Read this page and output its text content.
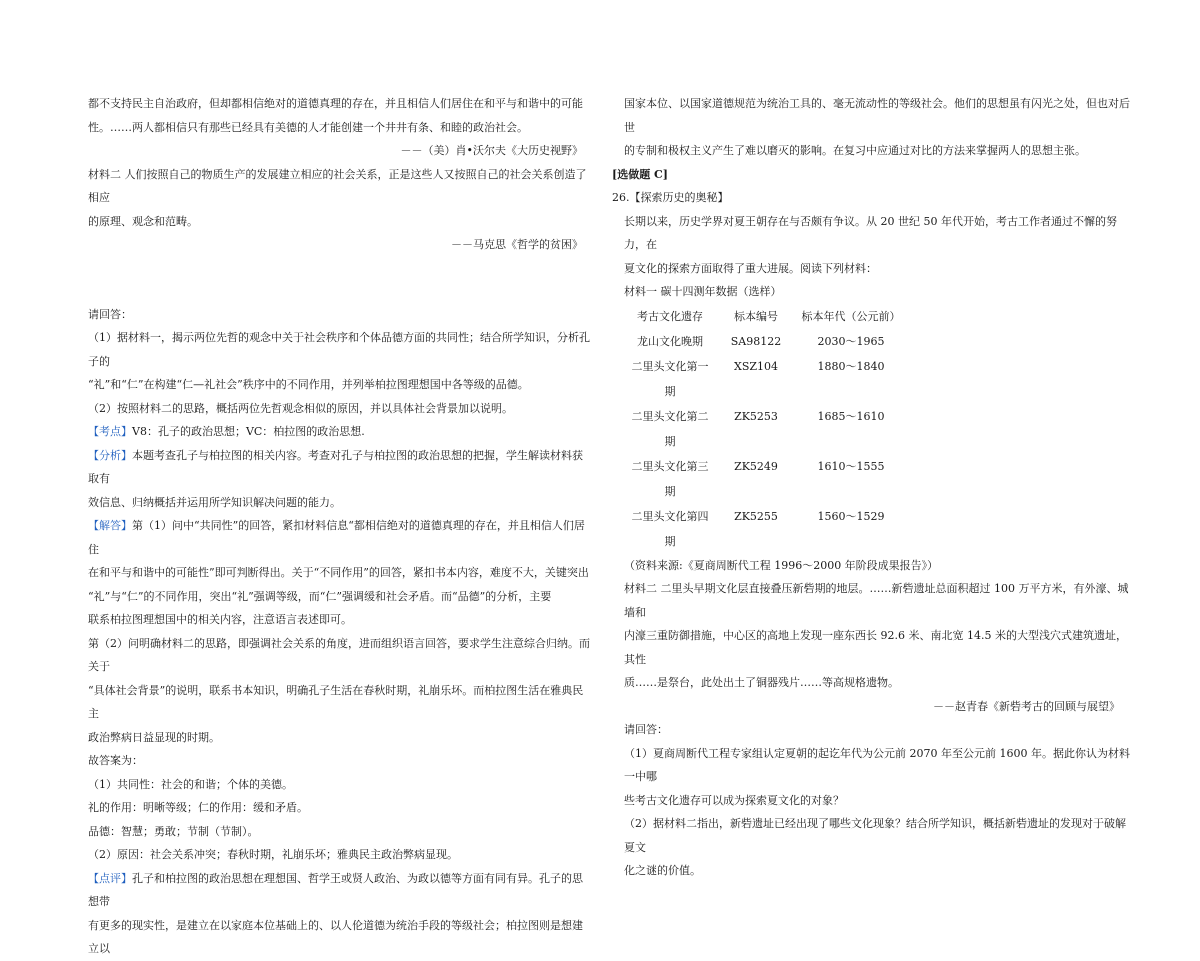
都不支持民主自治政府，但却都相信绝对的道德真理的存在，并且相信人们居住在和平与和谐中的可能

性。……两人都相信只有那些已经具有美德的人才能创建一个井井有条、和睦的政治社会。

－－（美）肖•沃尔夫《大历史视野》

材料二 人们按照自己的物质生产的发展建立相应的社会关系，正是这些人又按照自己的社会关系创造了相应

的原理、观念和范畴。

－－马克思《哲学的贫困》

请回答：

（1）据材料一，揭示两位先哲的观念中关于社会秩序和个体品德方面的共同性；结合所学知识，分析孔子的

“礼”和“仁”在构建“仁—礼社会”秩序中的不同作用，并列举柏拉图理想国中各等级的品德。

（2）按照材料二的思路，概括两位先哲观念相似的原因，并以具体社会背景加以说明。

【考点】V8：孔子的政治思想；VC：柏拉图的政治思想.

【分析】本题考查孔子与柏拉图的相关内容。考查对孔子与柏拉图的政治思想的把握，学生解读材料获取有

效信息、归纳概括并运用所学知识解决问题的能力。

【解答】第（1）问中“共同性”的回答，紧扣材料信息“都相信绝对的道德真理的存在，并且相信人们居住

在和平与和谐中的可能性”即可判断得出。关于“不同作用”的回答，紧扣书本内容，难度不大，关键突出

“礼”与“仁”的不同作用，突出“礼”强调等级，而“仁”强调缓和社会矛盾。而“品德”的分析，主要

联系柏拉图理想国中的相关内容，注意语言表述即可。

第（2）问明确材料二的思路，即强调社会关系的角度，进而组织语言回答，要求学生注意综合归纳。而关于

“具体社会背景”的说明，联系书本知识，明确孔子生活在春秋时期，礼崩乐坏。而柏拉图生活在雅典民主

政治弊病日益显现的时期。

故答案为：

（1）共同性：社会的和谐；个体的美德。

礼的作用：明晰等级；仁的作用：缓和矛盾。

品德：智慧；勇敢；节制（节制）。

（2）原因：社会关系冲突；春秋时期，礼崩乐坏；雅典民主政治弊病显现。

【点评】孔子和柏拉图的政治思想在理想国、哲学王或贤人政治、为政以德等方面有同有异。孔子的思想带

有更多的现实性，是建立在以家庭本位基础上的、以人伦道德为统治手段的等级社会；柏拉图则是想建立以

国家本位、以国家道德规范为统治工具的、毫无流动性的等级社会。他们的思想虽有闪光之处，但也对后世

的专制和极权主义产生了难以磨灭的影响。在复习中应通过对比的方法来掌握两人的思想主张。

[选做题 C]

26.【探索历史的奥秘】

长期以来，历史学界对夏王朝存在与否颇有争议。从 20 世纪 50 年代开始，考古工作者通过不懈的努力，在

夏文化的探索方面取得了重大进展。阅读下列材料：

材料一 碳十四测年数据（选样）

考古文化遗存	标本编号	标本年代（公元前）

龙山文化晚期	SA98122	2030～1965

二里头文化第一
期	XSZ104	1880～1840

二里头文化第二
期	ZK5253	1685～1610

二里头文化第三
期	ZK5249	1610～1555

二里头文化第四
期	ZK5255	1560～1529

（资料来源:《夏商周断代工程 1996～2000 年阶段成果报告》）

材料二 二里头早期文化层直接叠压新砦期的地层。……新砦遗址总面积超过 100 万平方米，有外濠、城墙和

内濠三重防御措施，中心区的高地上发现一座东西长 92.6 米、南北宽 14.5 米的大型浅穴式建筑遗址，其性

质……是祭台，此处出土了铜器残片……等高规格遗物。

－－赵青春《新砦考古的回顾与展望》

请回答：

（1）夏商周断代工程专家组认定夏朝的起讫年代为公元前 2070 年至公元前 1600 年。据此你认为材料一中哪

些考古文化遗存可以成为探索夏文化的对象？

（2）据材料二指出，新砦遗址已经出现了哪些文化现象？结合所学知识，概括新砦遗址的发现对于破解夏文

化之谜的价值。
